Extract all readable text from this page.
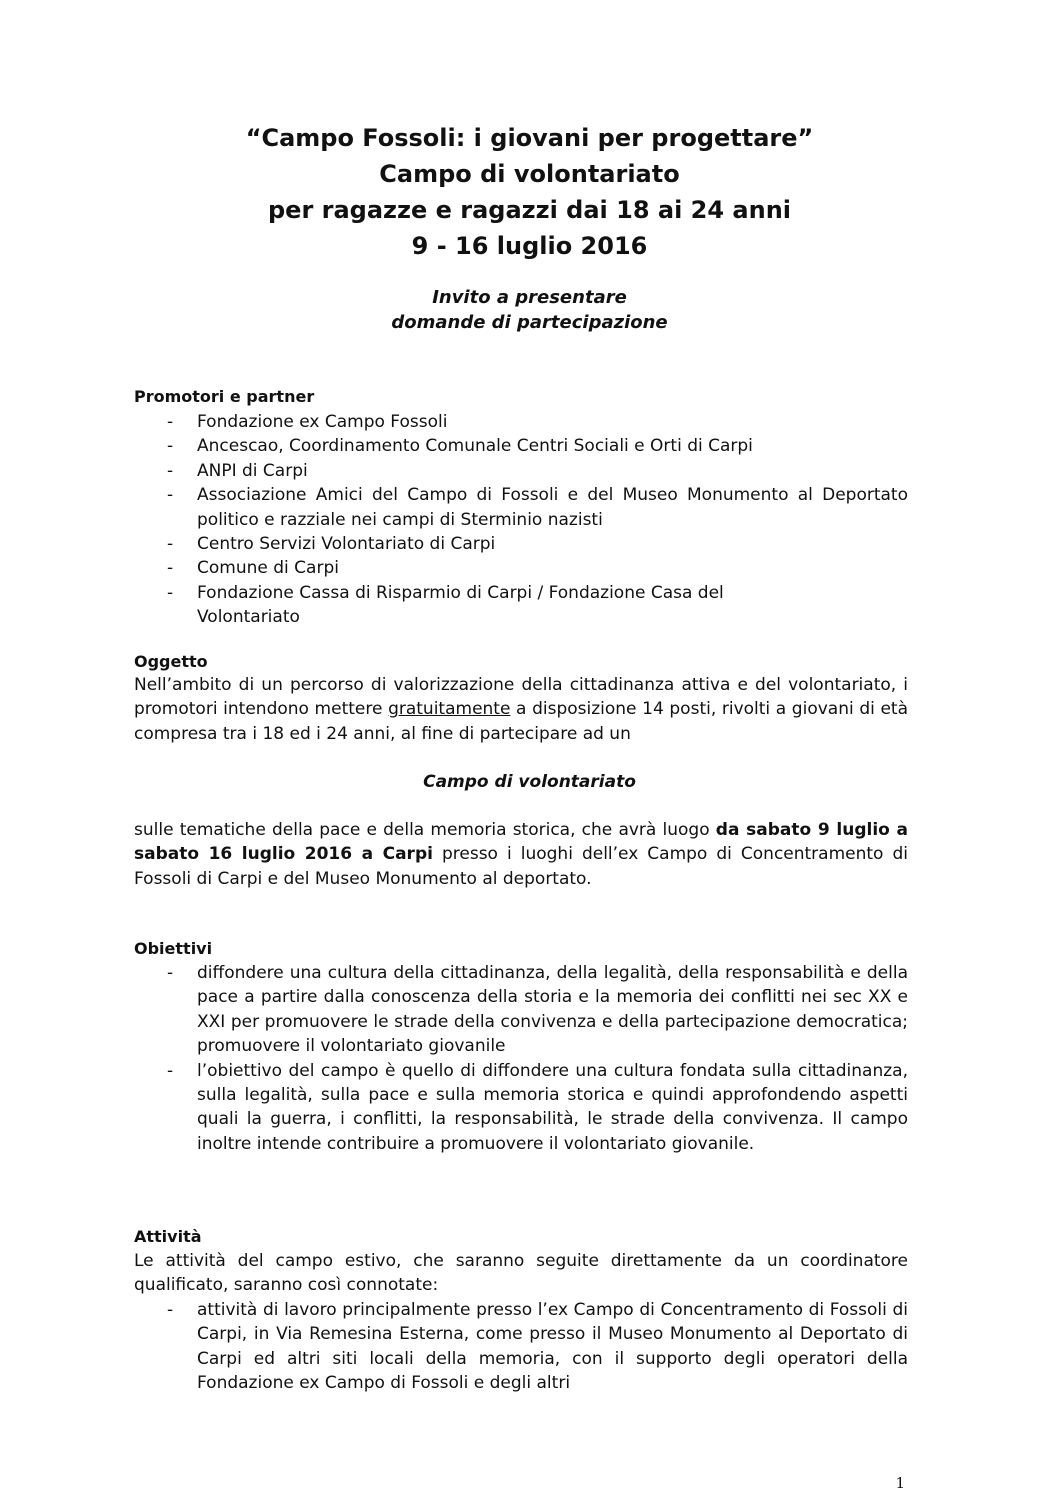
“Campo Fossoli: i giovani per progettare”

Campo di volontariato

per ragazze e ragazzi dai 18 ai 24 anni

9 - 16 luglio 2016

Invito a presentare

domande di partecipazione

Promotori e partner

- Fondazione ex Campo Fossoli
- Ancescao, Coordinamento Comunale Centri Sociali e Orti di Carpi
- ANPI di Carpi
- Associazione Amici del Campo di Fossoli e del Museo Monumento al Deportato politico e razziale nei campi di Sterminio nazisti
- Centro Servizi Volontariato di Carpi
- Comune di Carpi
- Fondazione Cassa di Risparmio di Carpi / Fondazione Casa del Volontariato

Oggetto

Nell’ambito di un percorso di valorizzazione della cittadinanza attiva e del volontariato, i promotori intendono mettere gratuitamente a disposizione 14 posti, rivolti a giovani di età compresa tra i 18 ed i 24 anni, al fine di partecipare ad un

Campo di volontariato

sulle tematiche della pace e della memoria storica, che avrà luogo da sabato 9 luglio a sabato 16 luglio 2016 a Carpi presso i luoghi dell’ex Campo di Concentramento di Fossoli di Carpi e del Museo Monumento al deportato.

Obiettivi

- diffondere una cultura della cittadinanza, della legalità, della responsabilità e della pace a partire dalla conoscenza della storia e la memoria dei conflitti nei sec XX e XXI per promuovere le strade della convivenza e della partecipazione democratica; promuovere il volontariato giovanile
- l’obiettivo del campo è quello di diffondere una cultura fondata sulla cittadinanza, sulla legalità, sulla pace e sulla memoria storica e quindi approfondendo aspetti quali la guerra, i conflitti, la responsabilità, le strade della convivenza. Il campo inoltre intende contribuire a promuovere il volontariato giovanile.

Attività

Le attività del campo estivo, che saranno seguite direttamente da un coordinatore qualificato, saranno così connotate:

- attività di lavoro principalmente presso l’ex Campo di Concentramento di Fossoli di Carpi, in Via Remesina Esterna, come presso il Museo Monumento al Deportato di Carpi ed altri siti locali della memoria, con il supporto degli operatori della Fondazione ex Campo di Fossoli e degli altri
1
